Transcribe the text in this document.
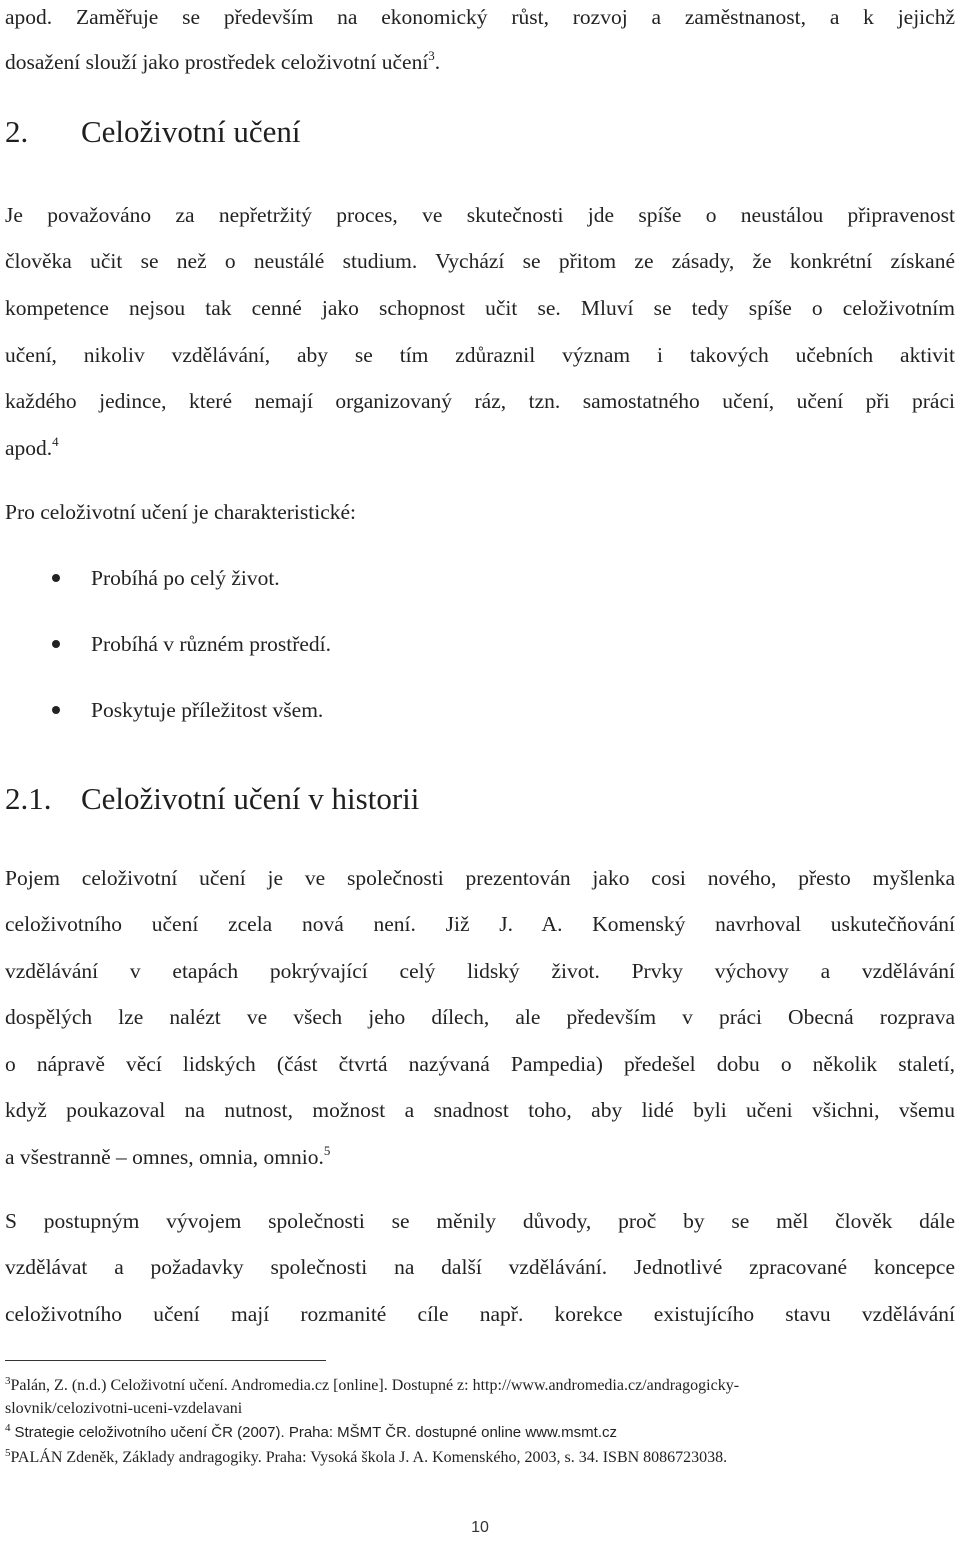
apod. Zaměřuje se především na ekonomický růst, rozvoj a zaměstnanost, a k jejichž
dosažení slouží jako prostředek celoživotní učení$^3$.
2. Celoživotní učení
Je považováno za nepřetržitý proces, ve skutečnosti jde spíše o neustálou připravenost
člověka učit se než o neustálé studium. Vychází se přitom ze zásady, že konkrétní získané
kompetence nejsou tak cenné jako schopnost učit se. Mluví se tedy spíše o celoživotním
učení, nikoliv vzdělávání, aby se tím zdůraznil význam i takových učebních aktivit
každého jedince, které nemají organizovaný ráz, tzn. samostatného učení, učení při práci
apod.$^4$
Pro celoživotní učení je charakteristické:
Probíhá po celý život.
Probíhá v různém prostředí.
Poskytuje příležitost všem.
2.1. Celoživotní učení v historii
Pojem celoživotní učení je ve společnosti prezentován jako cosi nového, přesto myšlenka
celoživotního učení zcela nová není. Již J. A. Komenský navrhoval uskutečňování
vzdělávání v etapách pokrývající celý lidský život. Prvky výchovy a vzdělávání
dospělých lze nalézt ve všech jeho dílech, ale především v práci Obecná rozprava
o nápravě věcí lidských (část čtvrtá nazývaná Pampedia) předešel dobu o několik staletí,
když poukazoval na nutnost, možnost a snadnost toho, aby lidé byli učeni všichni, všemu
a všestranně – omnes, omnia, omnio.$^5$
S postupným vývojem společnosti se měnily důvody, proč by se měl člověk dále
vzdělávat a požadavky společnosti na další vzdělávání. Jednotlivé zpracované koncepce
celoživotního učení mají rozmanité cíle např. korekce existujícího stavu vzdělávání
$^3$Palán, Z. (n.d.) Celoživotní učení. Andromedia.cz [online]. Dostupné z: http://www.andromedia.cz/andragogicky-
slovnik/celozivotni-uceni-vzdelavani
$^4$ Strategie celoživotního učení ČR (2007). Praha: MŠMT ČR. dostupné online www.msmt.cz
$^5$PALÁN Zdeněk, Základy andragogiky. Praha: Vysoká škola J. A. Komenského, 2003, s. 34. ISBN 8086723038.
10
